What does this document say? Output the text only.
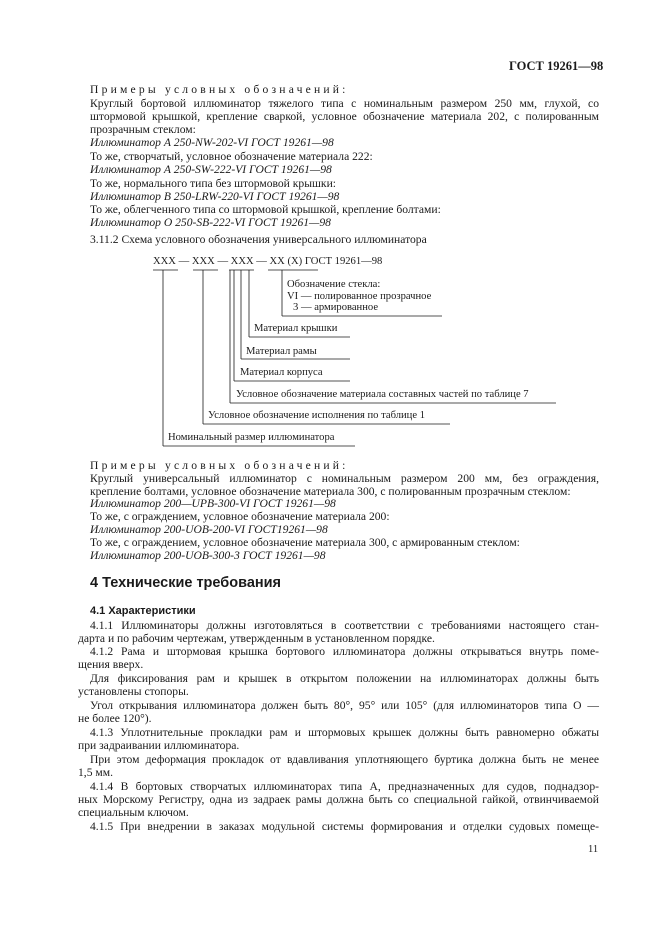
ГОСТ 19261—98
Примеры условных обозначений:
Круглый бортовой иллюминатор тяжелого типа с номинальным размером 250 мм, глухой, со
штормовой крышкой, крепление сваркой, условное обозначение материала 202, с полированным
прозрачным стеклом:
Иллюминатор А 250-NW-202-VI ГОСТ 19261—98
То же, створчатый, условное обозначение материала 222:
Иллюминатор А 250-SW-222-VI ГОСТ 19261—98
То же, нормального типа без штормовой крышки:
Иллюминатор В 250-LRW-220-VI ГОСТ 19261—98
То же, облегченного типа со штормовой крышкой, крепление болтами:
Иллюминатор О 250-SB-222-VI ГОСТ 19261—98
3.11.2 Схема условного обозначения универсального иллюминатора
XXX — XXX — XXX — XX (X) ГОСТ 19261—98
Обозначение стекла:
VI — полированное прозрачное
3 — армированное
Материал крышки
Материал рамы
Материал корпуса
Условное обозначение материала составных частей по таблице 7
Условное обозначение исполнения по таблице 1
Номинальный размер иллюминатора
Примеры условных обозначений:
Круглый универсальный иллюминатор с номинальным размером 200 мм, без ограждения,
крепление болтами, условное обозначение материала 300, с полированным прозрачным стеклом:
Иллюминатор 200—UPB-300-VI ГОСТ 19261—98
То же, с ограждением, условное обозначение материала 200:
Иллюминатор 200-UOB-200-VI ГОСТ19261—98
То же, с ограждением, условное обозначение материала 300, с армированным стеклом:
Иллюминатор 200-UOB-300-3 ГОСТ 19261—98
4 Технические требования
4.1 Характеристики
4.1.1 Иллюминаторы должны изготовляться в соответствии с требованиями настоящего стан-
дарта и по рабочим чертежам, утвержденным в установленном порядке.
4.1.2 Рама и штормовая крышка бортового иллюминатора должны открываться внутрь поме-
щения вверх.
Для фиксирования рам и крышек в открытом положении на иллюминаторах должны быть
установлены стопоры.
Угол открывания иллюминатора должен быть 80°, 95° или 105° (для иллюминаторов типа О —
не более 120°).
4.1.3 Уплотнительные прокладки рам и штормовых крышек должны быть равномерно обжаты
при задраивании иллюминатора.
При этом деформация прокладок от вдавливания уплотняющего буртика должна быть не менее
1,5 мм.
4.1.4 В бортовых створчатых иллюминаторах типа А, предназначенных для судов, поднадзор-
ных Морскому Регистру, одна из задраек рамы должна быть со специальной гайкой, отвинчиваемой
специальным ключом.
4.1.5 При внедрении в заказах модульной системы формирования и отделки судовых помеще-
11
